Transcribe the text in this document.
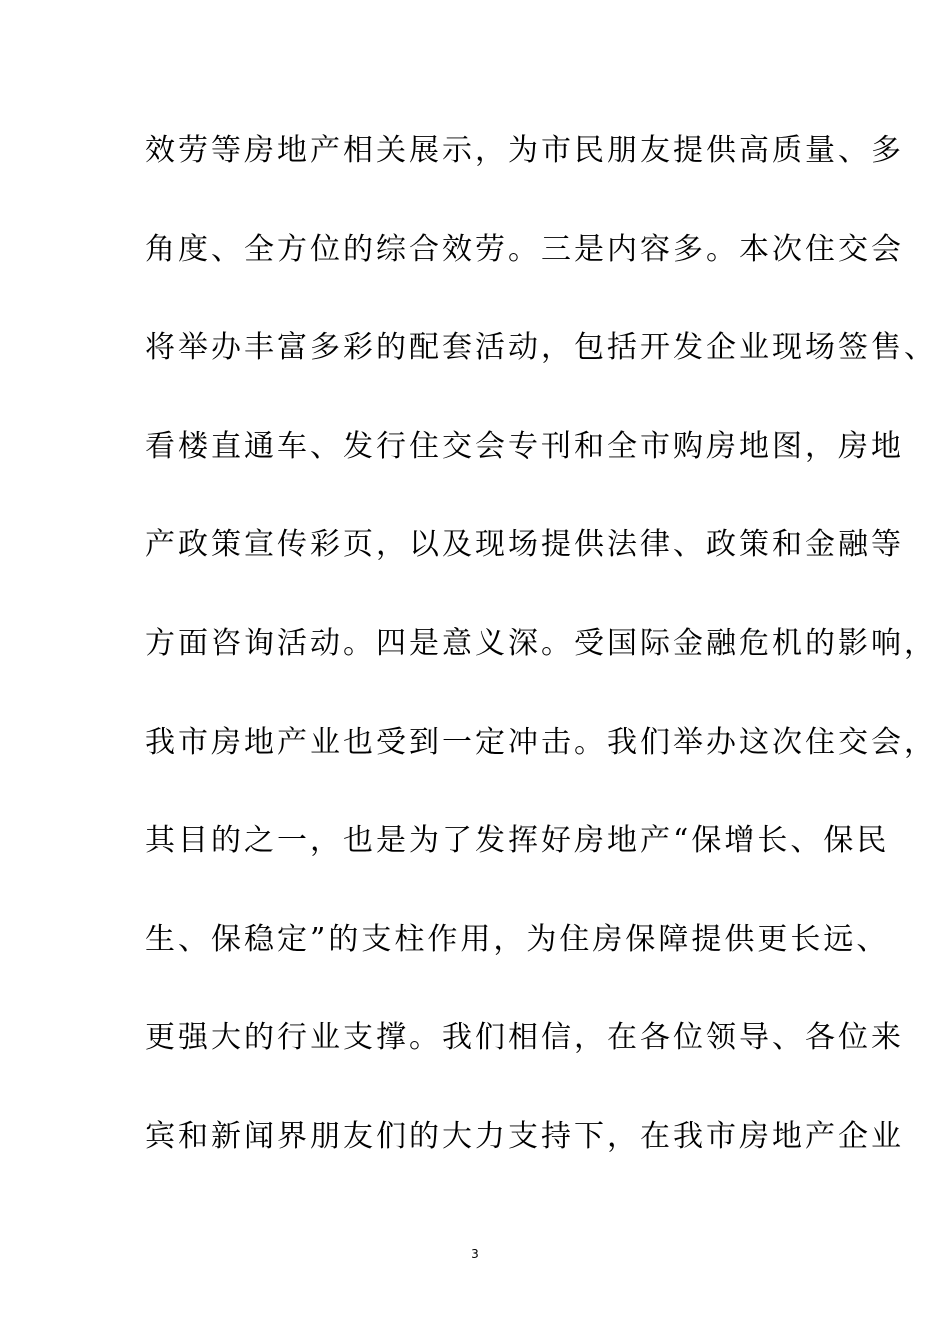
效劳等房地产相关展示，为市民朋友提供高质量、多
角度、全方位的综合效劳。三是内容多。本次住交会
将举办丰富多彩的配套活动，包括开发企业现场签售、
看楼直通车、发行住交会专刊和全市购房地图，房地
产政策宣传彩页，以及现场提供法律、政策和金融等
方面咨询活动。四是意义深。受国际金融危机的影响，
我市房地产业也受到一定冲击。我们举办这次住交会，
其目的之一，也是为了发挥好房地产“保增长、保民
生、保稳定”的支柱作用，为住房保障提供更长远、
更强大的行业支撑。我们相信，在各位领导、各位来
宾和新闻界朋友们的大力支持下，在我市房地产企业
3
